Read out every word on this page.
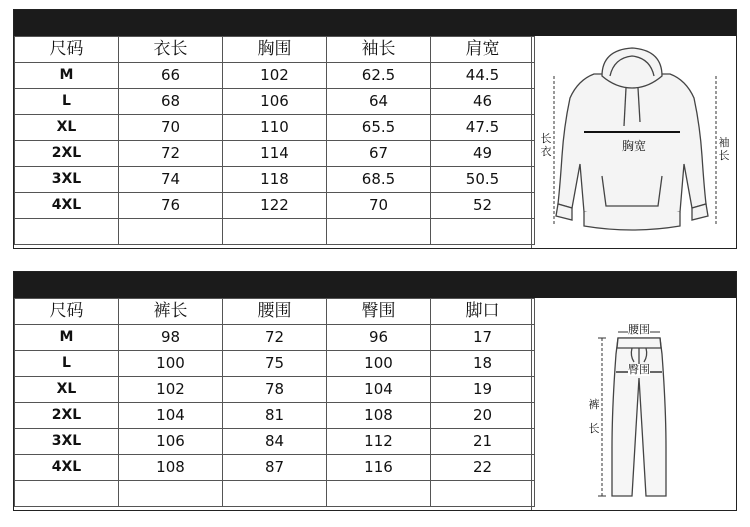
尺码	衣长	胸围	袖长	肩宽
M	66	102	62.5	44.5
L	68	106	64	46
XL	70	110	65.5	47.5
2XL	72	114	67	49
3XL	74	118	68.5	50.5
4XL	76	122	70	52

胸宽
长衣
袖长
尺码	裤长	腰围	臀围	脚口
M	98	72	96	17
L	100	75	100	18
XL	102	78	104	19
2XL	104	81	108	20
3XL	106	84	112	21
4XL	108	87	116	22

腰围
臀围
裤
长
